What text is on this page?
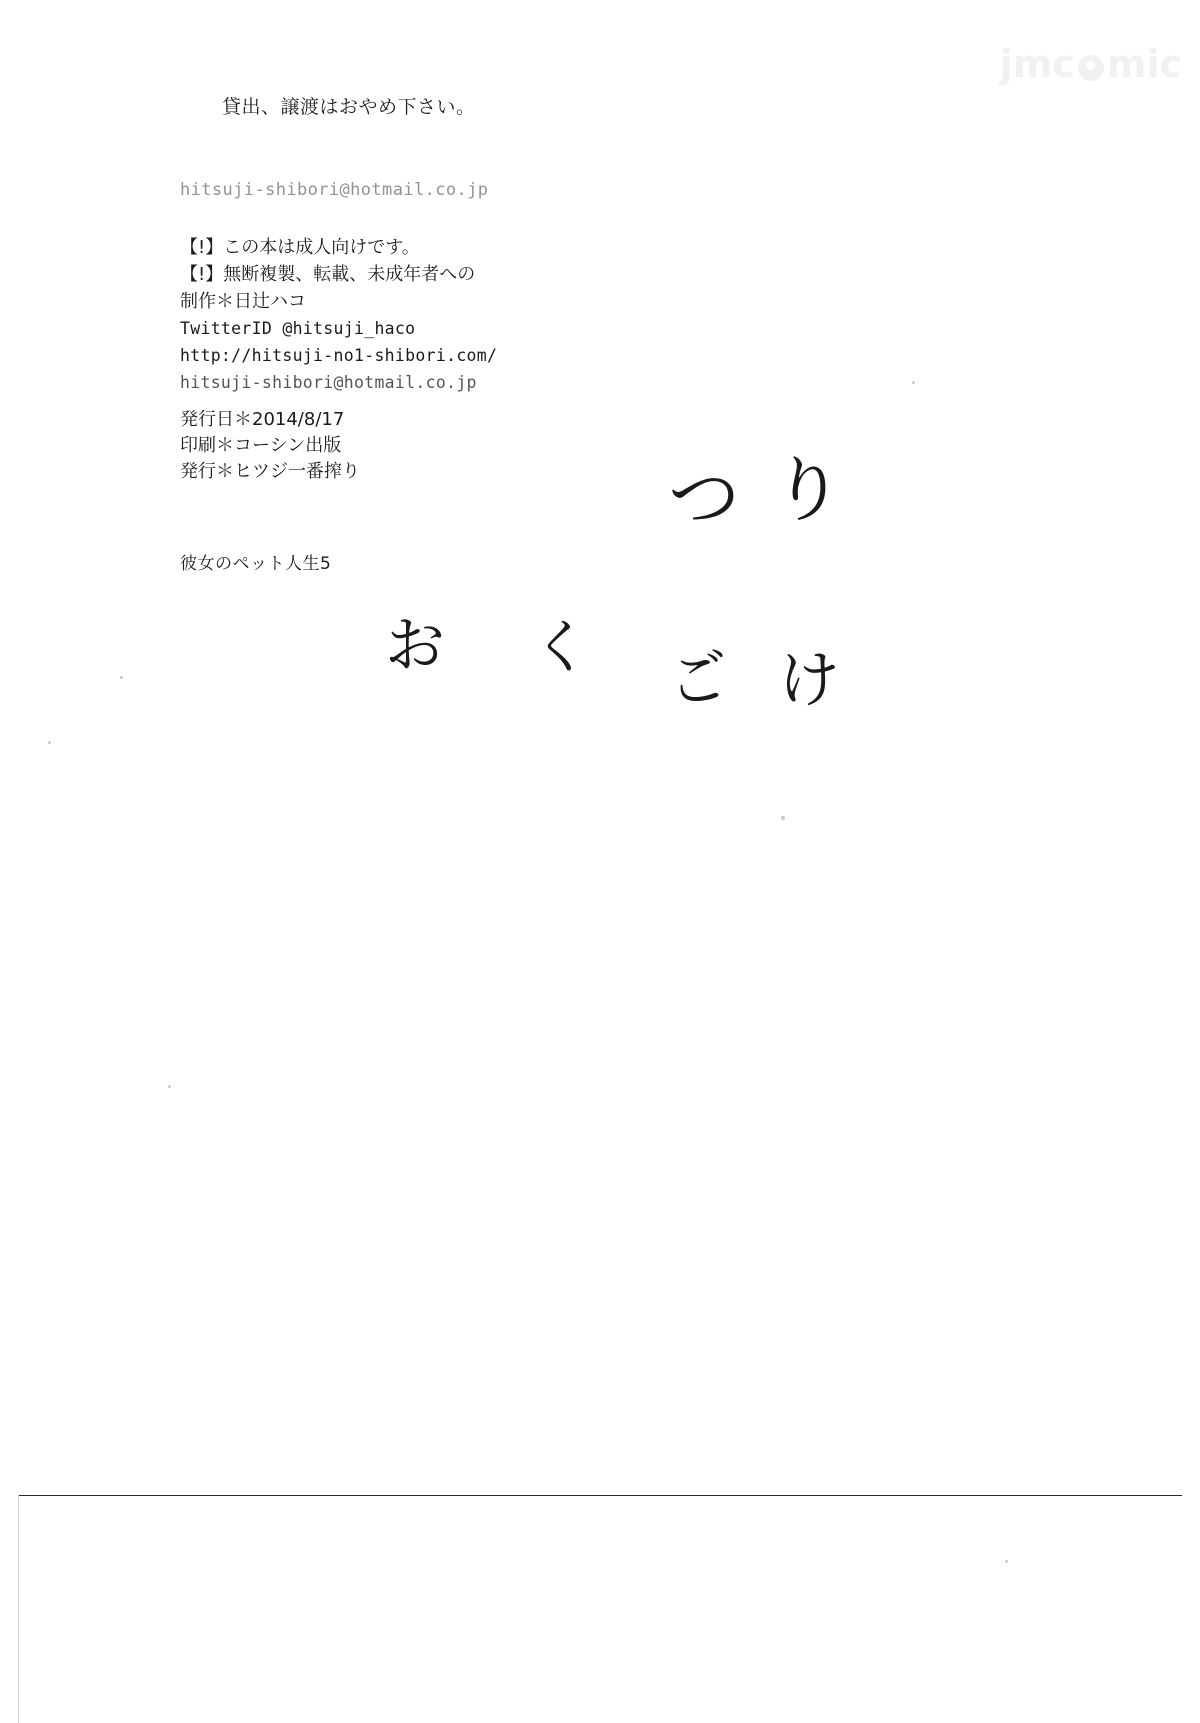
jmc mic
貸出、譲渡はおやめ下さい。
hitsuji-shibori@hotmail.co.jp
【!】この本は成人向けです。
【!】無断複製、転載、未成年者への
制作＊日辻ハコ
TwitterID @hitsuji_haco
http://hitsuji-no1-shibori.com/
hitsuji-shibori@hotmail.co.jp
発行日＊2014/8/17
印刷＊コーシン出版
発行＊ヒツジ一番搾り
彼女のペット人生5
つ り
お く ご け
